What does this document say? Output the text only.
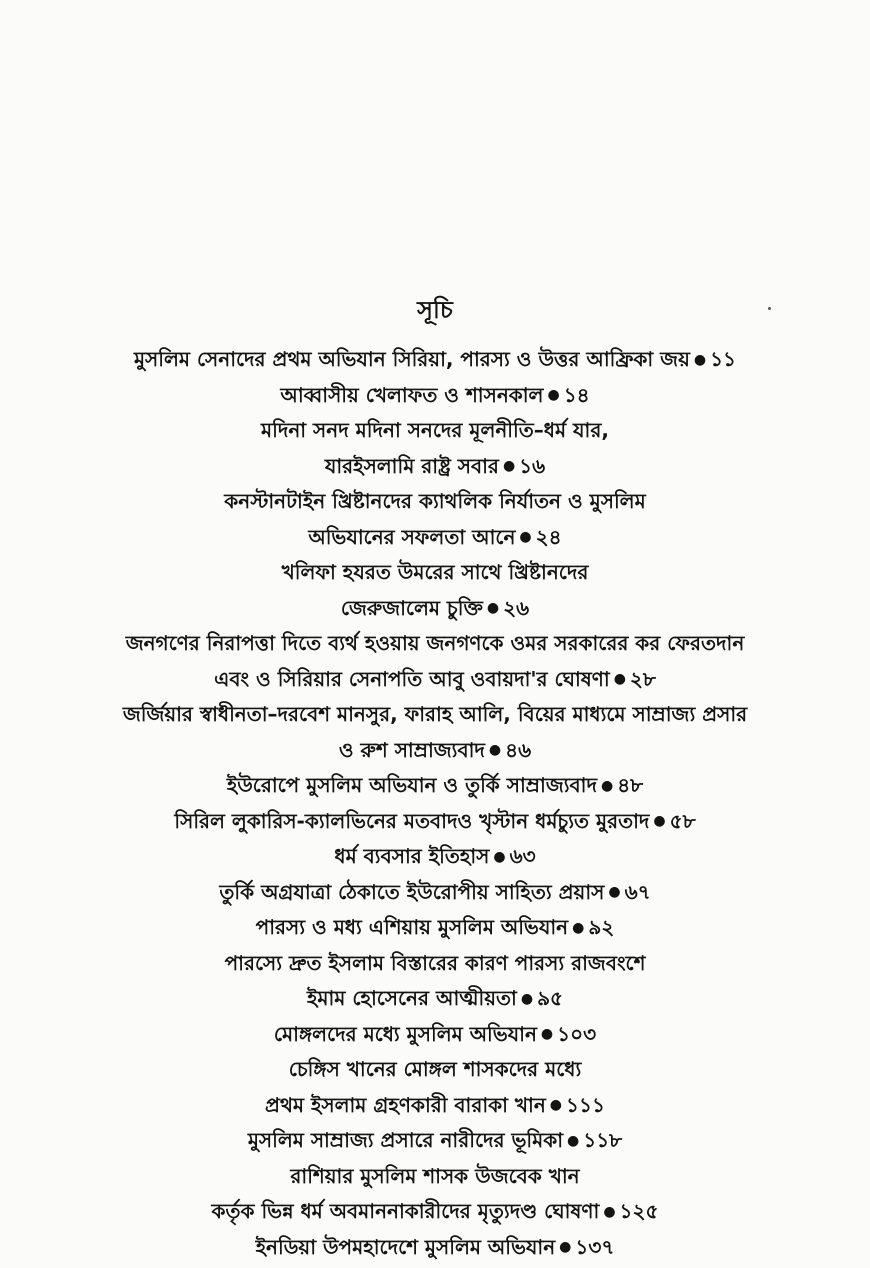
সূচি
মুসলিম সেনাদের প্রথম অভিযান সিরিয়া, পারস্য ও উত্তর আফ্রিকা জয় ● ১১
আব্বাসীয় খেলাফত ও শাসনকাল ● ১৪
মদিনা সনদ মদিনা সনদের মূলনীতি–ধর্ম যার,
যারইসলামি রাষ্ট্র সবার ● ১৬
কনস্টানটাইন খ্রিষ্টানদের ক্যাথলিক নির্যাতন ও মুসলিম
অভিযানের সফলতা আনে ● ২৪
খলিফা হযরত উমরের সাথে খ্রিষ্টানদের
জেরুজালেম চুক্তি ● ২৬
জনগণের নিরাপত্তা দিতে ব্যর্থ হওয়ায় জনগণকে ওমর সরকারের কর ফেরতদান
এবং ও সিরিয়ার সেনাপতি আবু ওবায়দা'র ঘোষণা ● ২৮
জর্জিয়ার স্বাধীনতা–দরবেশ মানসুর, ফারাহ আলি, বিয়ের মাধ্যমে সাম্রাজ্য প্রসার
ও রুশ সাম্রাজ্যবাদ ● ৪৬
ইউরোপে মুসলিম অভিযান ও তুর্কি সাম্রাজ্যবাদ ● ৪৮
সিরিল লুকারিস-ক্যালভিনের মতবাদও খৃস্টান ধর্মচ্যুত মুরতাদ ● ৫৮
ধর্ম ব্যবসার ইতিহাস ● ৬৩
তুর্কি অগ্রযাত্রা ঠেকাতে ইউরোপীয় সাহিত্য প্রয়াস ● ৬৭
পারস্য ও মধ্য এশিয়ায় মুসলিম অভিযান ● ৯২
পারস্যে দ্রুত ইসলাম বিস্তারের কারণ পারস্য রাজবংশে
ইমাম হোসেনের আত্মীয়তা ● ৯৫
মোঙ্গলদের মধ্যে মুসলিম অভিযান ● ১০৩
চেঙ্গিস খানের মোঙ্গল শাসকদের মধ্যে
প্রথম ইসলাম গ্রহণকারী বারাকা খান ● ১১১
মুসলিম সাম্রাজ্য প্রসারে নারীদের ভূমিকা ● ১১৮
রাশিয়ার মুসলিম শাসক উজবেক খান
কর্তৃক ভিন্ন ধর্ম অবমাননাকারীদের মৃত্যুদণ্ড ঘোষণা ● ১২৫
ইনডিয়া উপমহাদেশে মুসলিম অভিযান ● ১৩৭
